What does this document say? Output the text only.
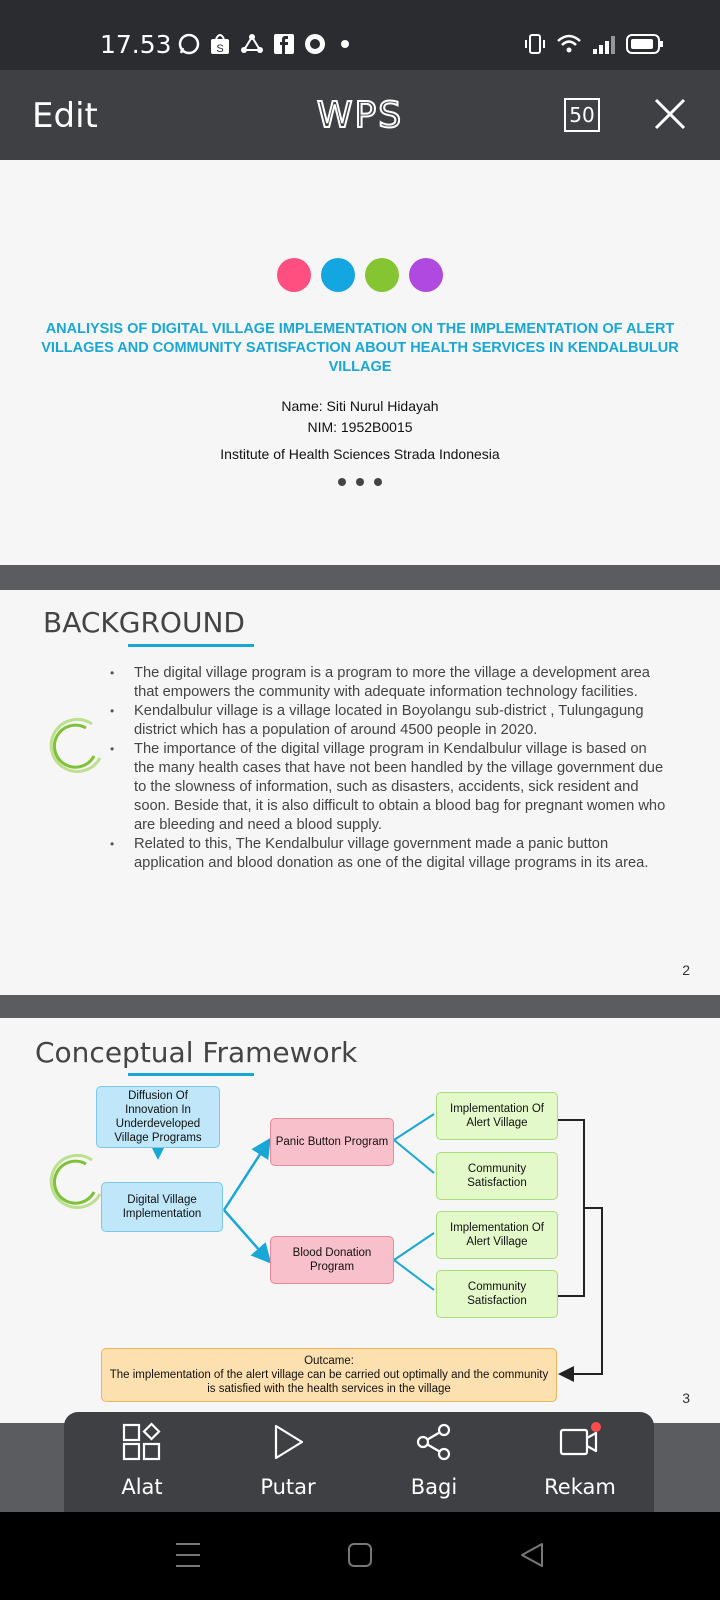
17.53	S
Edit	WPS	50
ANALIYSIS OF DIGITAL VILLAGE IMPLEMENTATION ON THE IMPLEMENTATION OF ALERT VILLAGES AND COMMUNITY SATISFACTION ABOUT HEALTH SERVICES IN KENDALBULUR VILLAGE
Name: Siti Nurul Hidayah
NIM: 1952B0015
Institute of Health Sciences Strada Indonesia
BACKGROUND
• The digital village program is a program to more the village a development area that empowers the community with adequate information technology facilities.
• Kendalbulur village is a village located in Boyolangu sub-district , Tulungagung district which has a population of around 4500 people in 2020.
• The importance of the digital village program in Kendalbulur village is based on the many health cases that have not been handled by the village government due to the slowness of information, such as disasters, accidents, sick resident and soon. Beside that, it is also difficult to obtain a blood bag for pregnant women who are bleeding and need a blood supply.
• Related to this, The Kendalbulur village government made a panic button application and blood donation as one of the digital village programs in its area.
2
Conceptual Framework
Diffusion Of Innovation In Underdeveloped Village Programs
Digital Village Implementation
Panic Button Program
Blood Donation Program
Implementation Of Alert Village
Community Satisfaction
Implementation Of Alert Village
Community Satisfaction
Outcame:
The implementation of the alert village can be carried out optimally and the community is satisfied with the health services in the village
3
Alat	Putar	Bagi	Rekam
